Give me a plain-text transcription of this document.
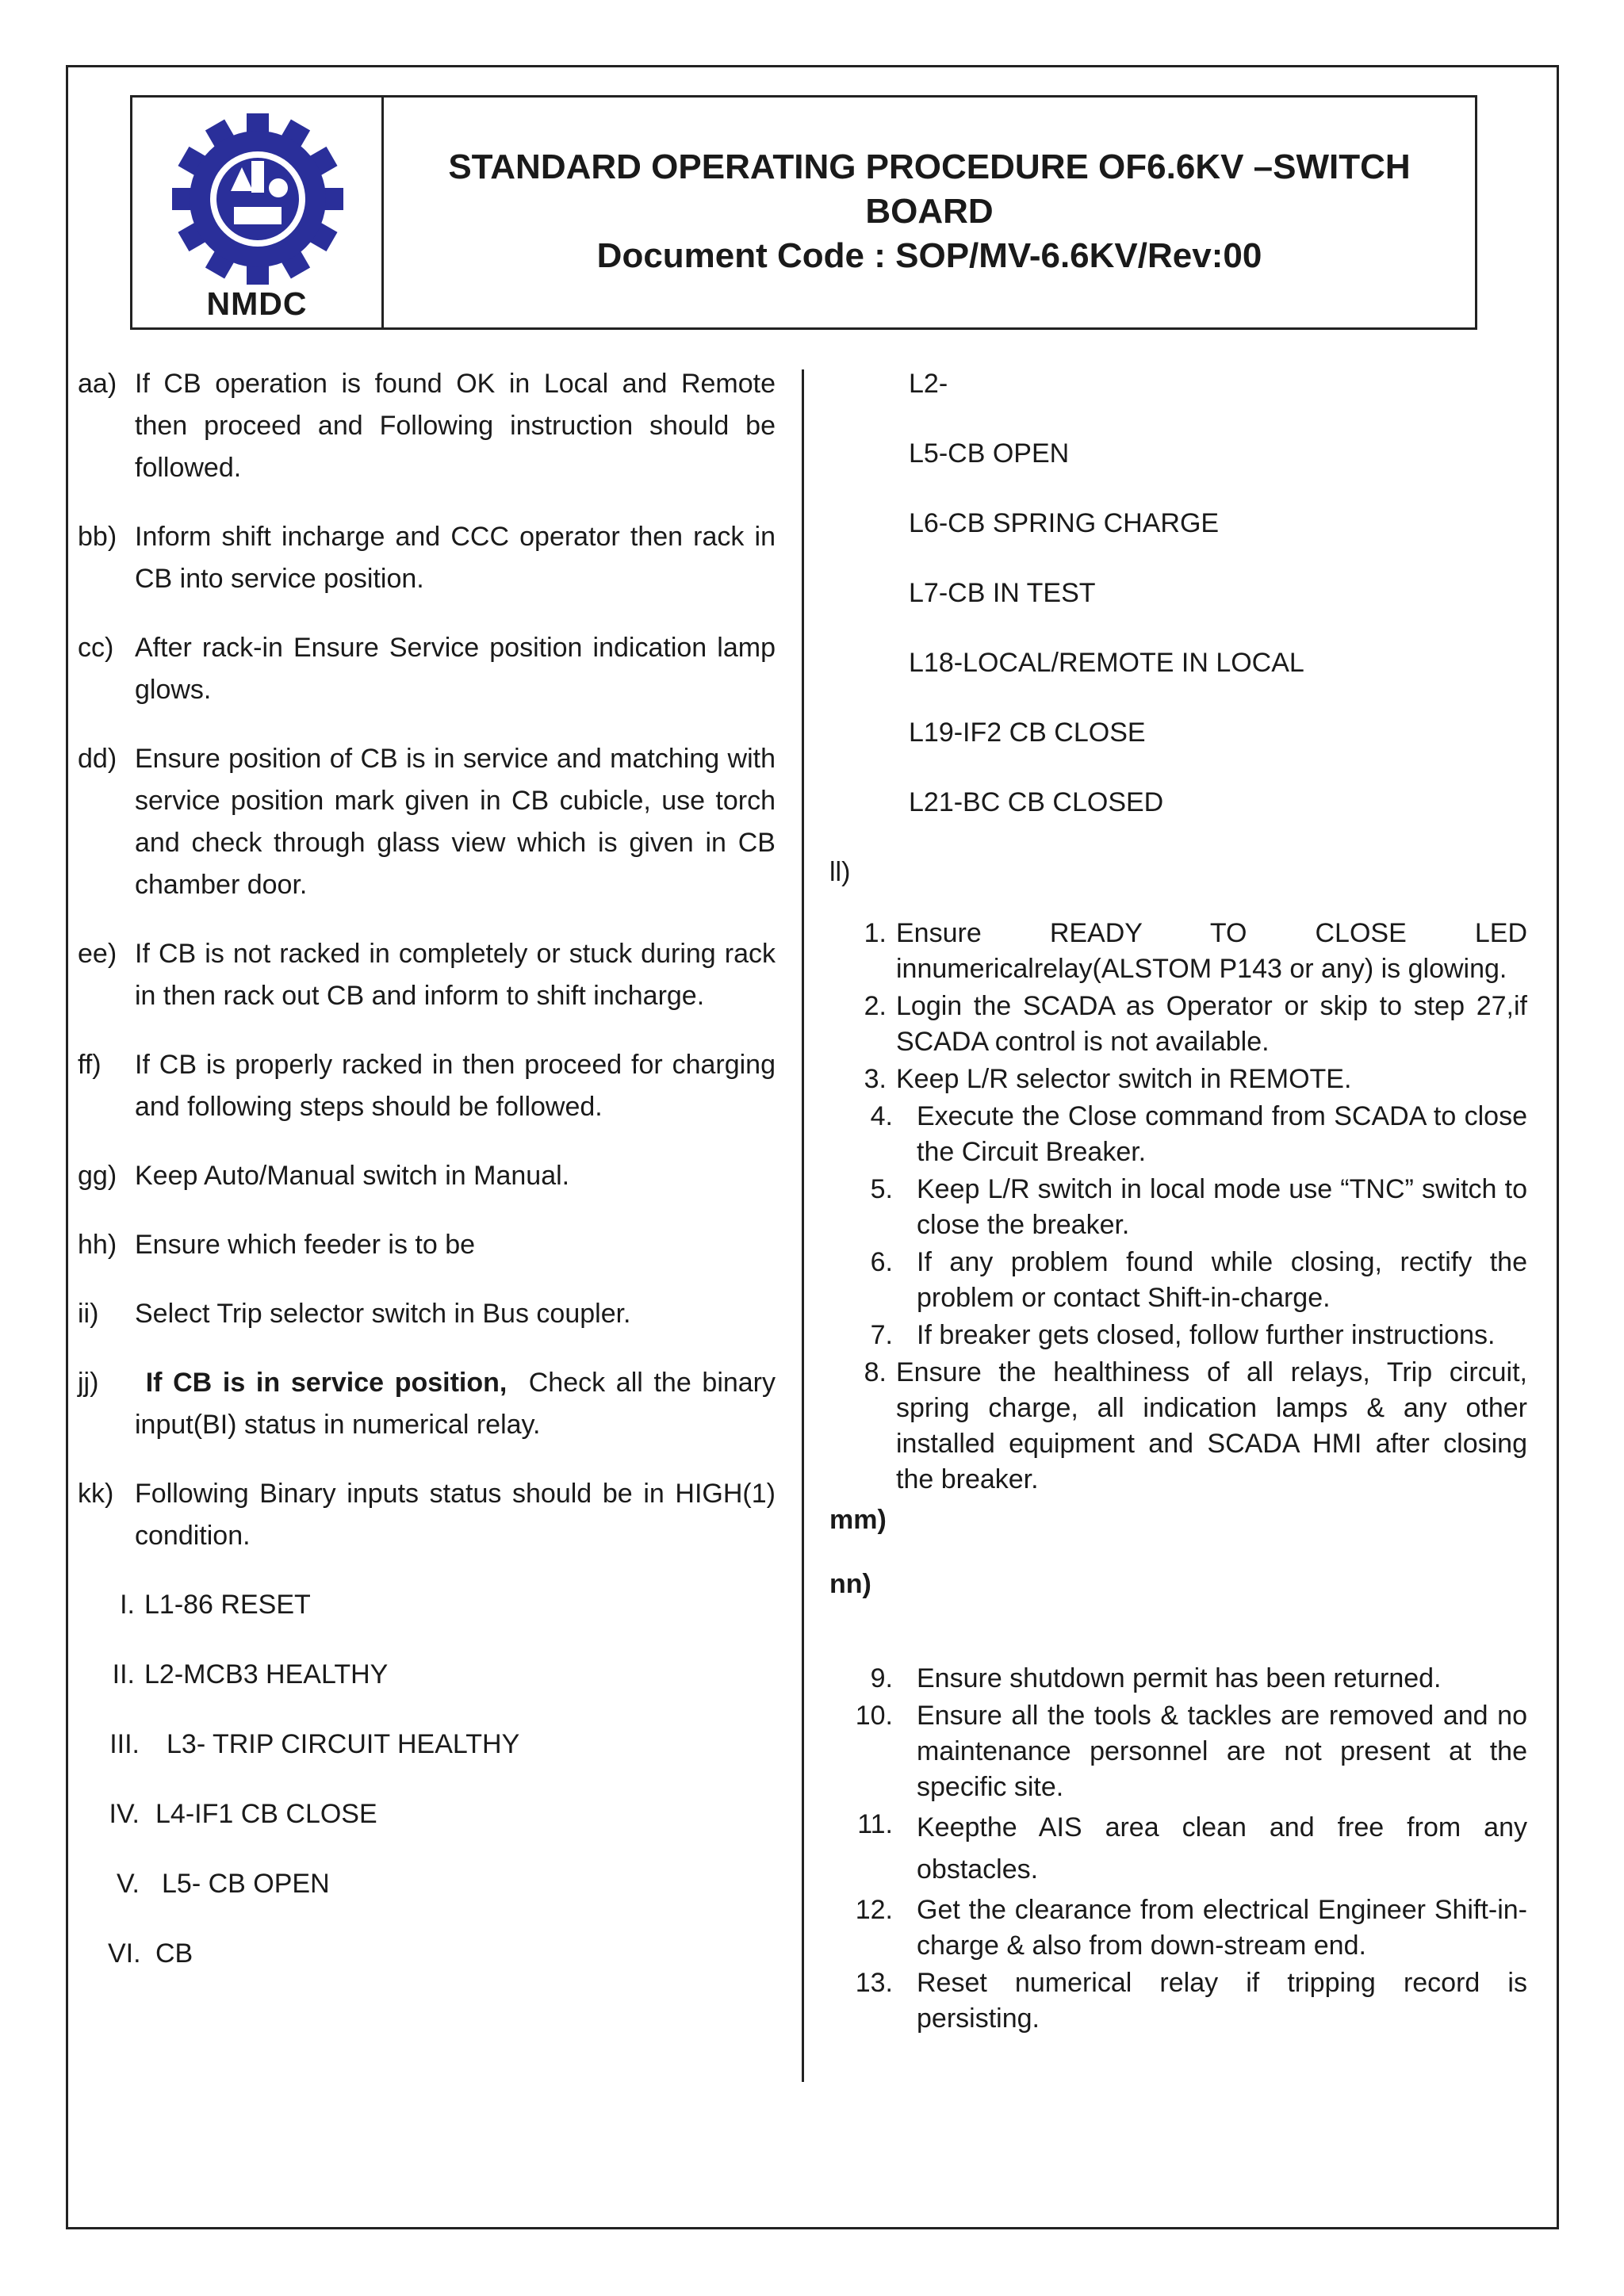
NMDC
STANDARD OPERATING PROCEDURE OF6.6KV –SWITCH BOARD
Document Code : SOP/MV-6.6KV/Rev:00
aa) If CB operation is found OK in Local and Remote then proceed and Following instruction should be followed.
bb) Inform shift incharge and CCC operator then rack in CB into service position.
cc) After rack-in Ensure Service position indication lamp glows.
dd) Ensure position of CB is in service and matching with service position mark given in CB cubicle, use torch and check through glass view which is given in CB chamber door.
ee) If CB is not racked in completely or stuck during rack in then rack out CB and inform to shift incharge.
ff)	If CB is properly racked in then proceed for charging and following steps should be followed.
gg) Keep Auto/Manual switch in Manual.
hh) Ensure which feeder is to be
ii)	Select Trip selector switch in Bus coupler.
jj)	If CB is in service position, Check all the binary input(BI) status in numerical relay.
kk) Following Binary inputs status should be in HIGH(1) condition.
I. L1-86 RESET
II. L2-MCB3 HEALTHY
III.	L3- TRIP CIRCUIT HEALTHY
IV. L4-IF1 CB CLOSE
V. L5- CB OPEN
VI. CB
L2-
L5-CB OPEN
L6-CB SPRING CHARGE
L7-CB IN TEST
L18-LOCAL/REMOTE IN LOCAL
L19-IF2 CB CLOSE
L21-BC CB CLOSED
ll)
1. Ensure READY TO CLOSE LED innumericalrelay(ALSTOM P143 or any) is glowing.
2. Login the SCADA as Operator or skip to step 27,if SCADA control is not available.
3. Keep L/R selector switch in REMOTE.
4. Execute the Close command from SCADA to close the Circuit Breaker.
5. Keep L/R switch in local mode use “TNC” switch to close the breaker.
6. If any problem found while closing, rectify the problem or contact Shift-in-charge.
7. If breaker gets closed, follow further instructions.
8. Ensure the healthiness of all relays, Trip circuit, spring charge, all indication lamps & any other installed equipment and SCADA HMI after closing the breaker.
mm)
nn)
9. Ensure shutdown permit has been returned.
10. Ensure all the tools & tackles are removed and no maintenance personnel are not present at the specific site.
11. Keepthe AIS area clean and free from any obstacles.
12. Get the clearance from electrical Engineer Shift-in-charge & also from down-stream end.
13. Reset numerical relay if tripping record is persisting.
